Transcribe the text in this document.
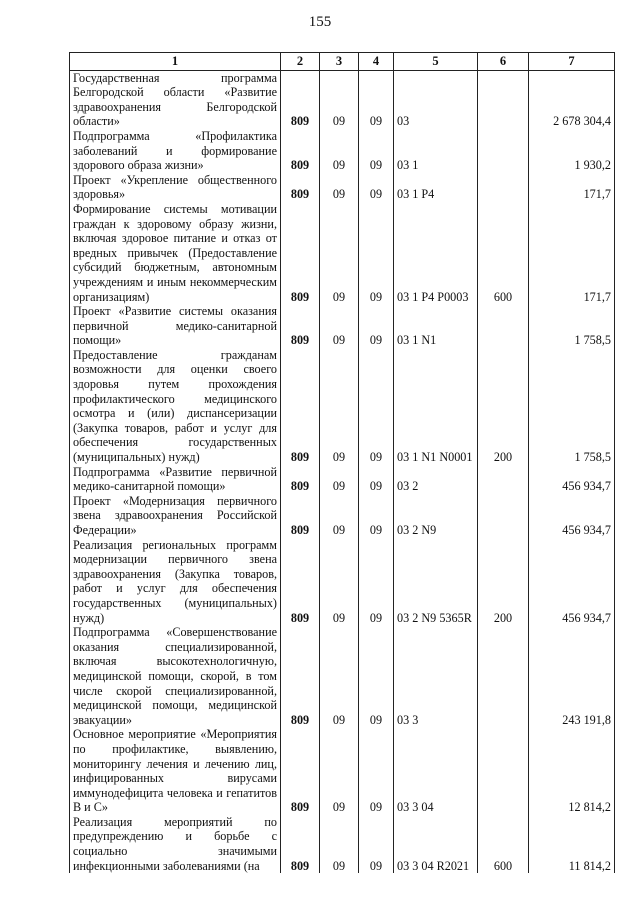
155
1	2	3	4	5	6	7
Государственная программа Белгородской области «Развитие здравоохранения Белгородской области»	809	09	09	03		2 678 304,4
Подпрограмма «Профилактика заболеваний и формирование здорового образа жизни»	809	09	09	03 1		1 930,2
Проект «Укрепление общественного здоровья»	809	09	09	03 1 P4		171,7
Формирование системы мотивации граждан к здоровому образу жизни, включая здоровое питание и отказ от вредных привычек (Предоставление субсидий бюджетным, автономным учреждениям и иным некоммерческим организациям)	809	09	09	03 1 P4 P0003	600	171,7
Проект «Развитие системы оказания первичной медико-санитарной помощи»	809	09	09	03 1 N1		1 758,5
Предоставление гражданам возможности для оценки своего здоровья путем прохождения профилактического медицинского осмотра и (или) диспансеризации (Закупка товаров, работ и услуг для обеспечения государственных (муниципальных) нужд)	809	09	09	03 1 N1 N0001	200	1 758,5
Подпрограмма «Развитие первичной медико-санитарной помощи»	809	09	09	03 2		456 934,7
Проект «Модернизация первичного звена здравоохранения Российской Федерации»	809	09	09	03 2 N9		456 934,7
Реализация региональных программ модернизации первичного звена здравоохранения (Закупка товаров, работ и услуг для обеспечения государственных (муниципальных) нужд)	809	09	09	03 2 N9 5365R	200	456 934,7
Подпрограмма «Совершенствование оказания специализированной, включая высокотехнологичную, медицинской помощи, скорой, в том числе скорой специализированной, медицинской помощи, медицинской эвакуации»	809	09	09	03 3		243 191,8
Основное мероприятие «Мероприятия по профилактике, выявлению, мониторингу лечения и лечению лиц, инфицированных вирусами иммунодефицита человека и гепатитов B и C»	809	09	09	03 3 04		12 814,2
Реализация мероприятий по предупреждению и борьбе с социально значимыми инфекционными заболеваниями (на	809	09	09	03 3 04 R2021	600	11 814,2
